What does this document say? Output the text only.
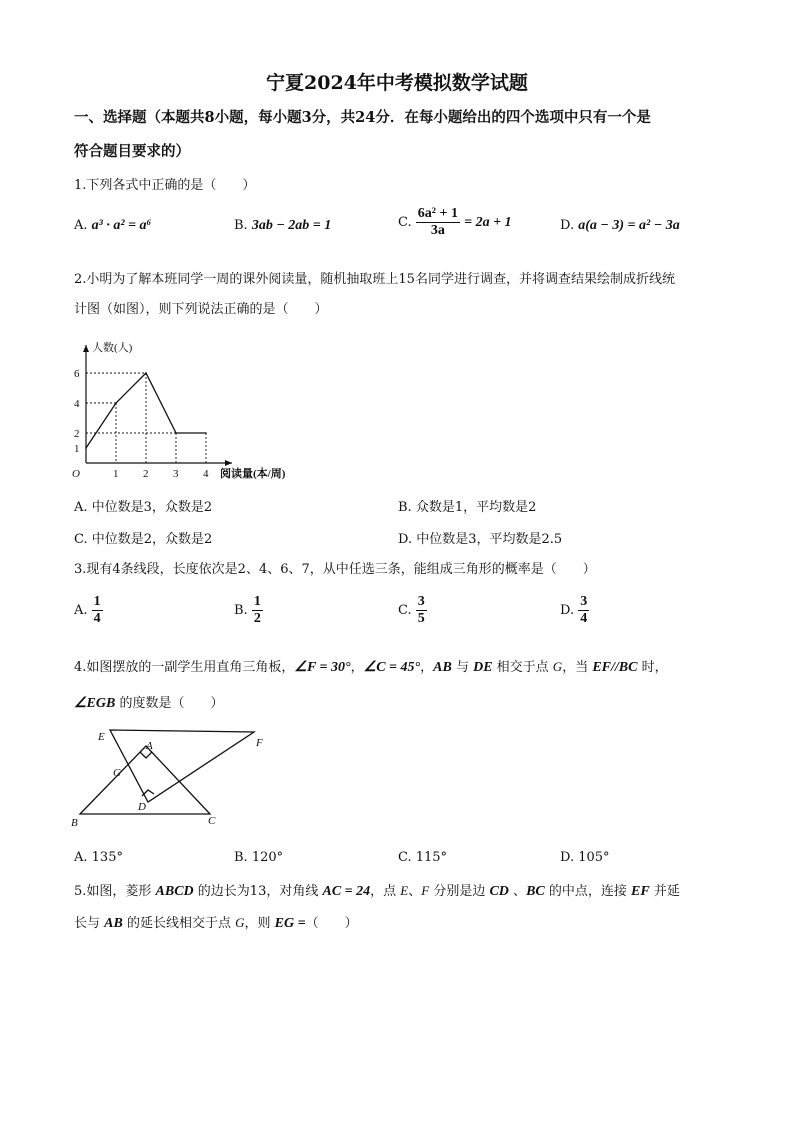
宁夏2024年中考模拟数学试题
一、选择题（本题共8小题，每小题3分，共24分．在每小题给出的四个选项中只有一个是
符合题目要求的）
1.下列各式中正确的是（　　）
A. a³ · a² = a⁶	B. 3ab − 2ab = 1	C. $\frac{\text{6a² + 1}}{3a} = 2a + 1$	D. a(a − 3) = a² − 3a
2.小明为了解本班同学一周的课外阅读量，随机抽取班上15名同学进行调查，并将调查结果绘制成折线统
计图（如图），则下列说法正确的是（　　）
1 2 3 4
1
2
4
6
O	阅读量(本/周)
人数(人)
A. 中位数是3，众数是2	B. 众数是1，平均数是2
C. 中位数是2，众数是2	D. 中位数是3，平均数是2.5
3.现有4条线段，长度依次是2、4、6、7，从中任选三条，能组成三角形的概率是（　　）
A. $\frac{1}{4}$	B. $\frac{1}{2}$	C. $\frac{3}{5}$	D. $\frac{3}{4}$
4.如图摆放的一副学生用直角三角板，∠F = 30°，∠C = 45°，AB 与 DE 相交于点 G，当 EF//BC 时，
∠EGB 的度数是（　　）
E	F
A
G
D
B	C
A. 135°	B. 120°	C. 115°	D. 105°
5.如图，菱形 ABCD 的边长为13，对角线 AC = 24，点 E、F 分别是边 CD 、BC 的中点，连接 EF 并延
长与 AB 的延长线相交于点 G，则 EG =（　　）
